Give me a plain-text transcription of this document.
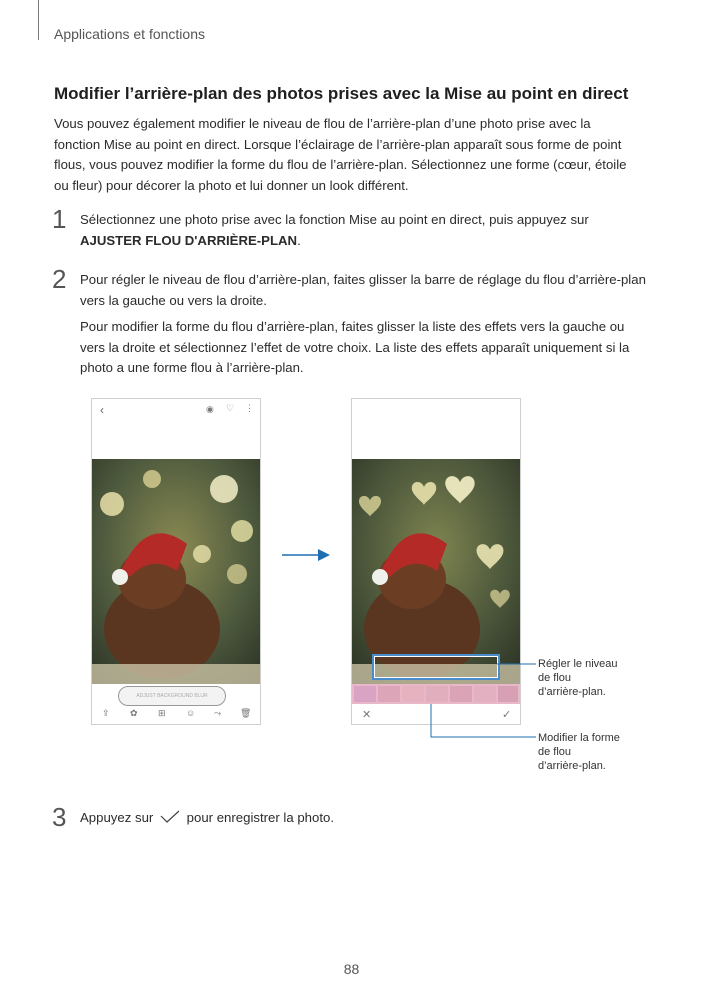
Applications et fonctions
Modifier l’arrière-plan des photos prises avec la Mise au point en direct
Vous pouvez également modifier le niveau de flou de l’arrière-plan d’une photo prise avec la
fonction Mise au point en direct. Lorsque l’éclairage de l’arrière-plan apparaît sous forme de point
flous, vous pouvez modifier la forme du flou de l’arrière-plan. Sélectionnez une forme (cœur, étoile
ou fleur) pour décorer la photo et lui donner un look différent.
1 Sélectionnez une photo prise avec la fonction Mise au point en direct, puis appuyez sur
AJUSTER FLOU D'ARRIÈRE-PLAN.
2 Pour régler le niveau de flou d’arrière-plan, faites glisser la barre de réglage du flou d’arrière-plan
vers la gauche ou vers la droite.
Pour modifier la forme du flou d’arrière-plan, faites glisser la liste des effets vers la gauche ou
vers la droite et sélectionnez l’effet de votre choix. La liste des effets apparaît uniquement si la
photo a une forme flou à l’arrière-plan.
‹	◉ ♡ ⋮
ADJUST BACKGROUND BLUR
⇪ ✿ ⊞ ☺ ⤳ 🗑	✕	✓
Régler le niveau
de flou
d’arrière-plan.
Modifier la forme
de flou
d’arrière-plan.
3 Appuyez sur	pour enregistrer la photo.
88
